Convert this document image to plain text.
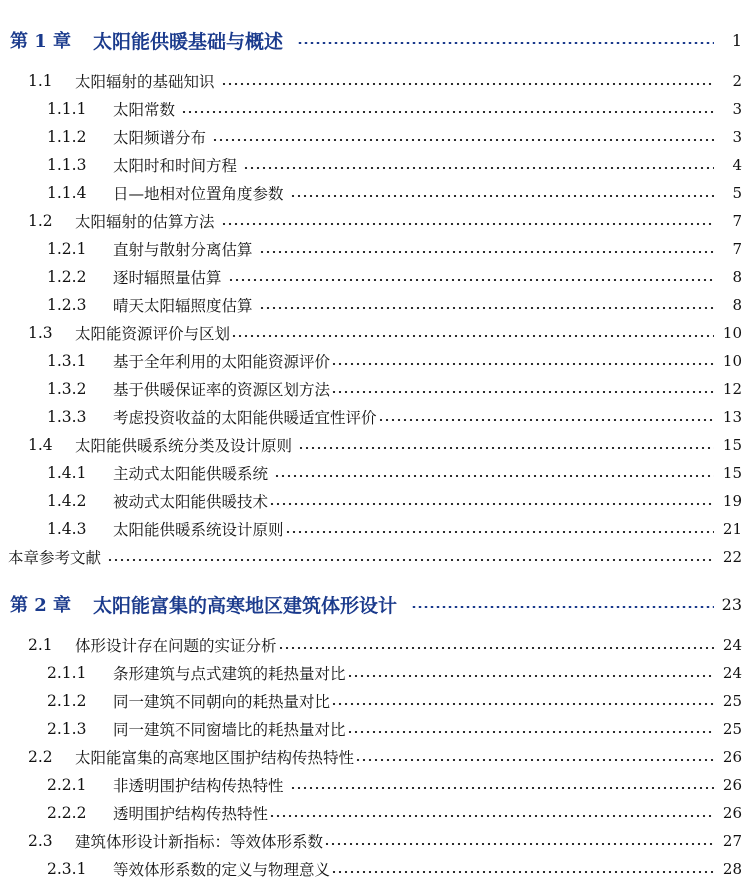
第 1 章	太阳能供暖基础与概述	1
1.1	太阳辐射的基础知识	2
1.1.1	太阳常数	3
1.1.2	太阳频谱分布	3
1.1.3	太阳时和时间方程	4
1.1.4	日—地相对位置角度参数	5
1.2	太阳辐射的估算方法	7
1.2.1	直射与散射分离估算	7
1.2.2	逐时辐照量估算	8
1.2.3	晴天太阳辐照度估算	8
1.3	太阳能资源评价与区划	10
1.3.1	基于全年利用的太阳能资源评价	10
1.3.2	基于供暖保证率的资源区划方法	12
1.3.3	考虑投资收益的太阳能供暖适宜性评价	13
1.4	太阳能供暖系统分类及设计原则	15
1.4.1	主动式太阳能供暖系统	15
1.4.2	被动式太阳能供暖技术	19
1.4.3	太阳能供暖系统设计原则	21
本章参考文献	22
第 2 章	太阳能富集的高寒地区建筑体形设计	23
2.1	体形设计存在问题的实证分析	24
2.1.1	条形建筑与点式建筑的耗热量对比	24
2.1.2	同一建筑不同朝向的耗热量对比	25
2.1.3	同一建筑不同窗墙比的耗热量对比	25
2.2	太阳能富集的高寒地区围护结构传热特性	26
2.2.1	非透明围护结构传热特性	26
2.2.2	透明围护结构传热特性	26
2.3	建筑体形设计新指标：等效体形系数	27
2.3.1	等效体形系数的定义与物理意义	28
